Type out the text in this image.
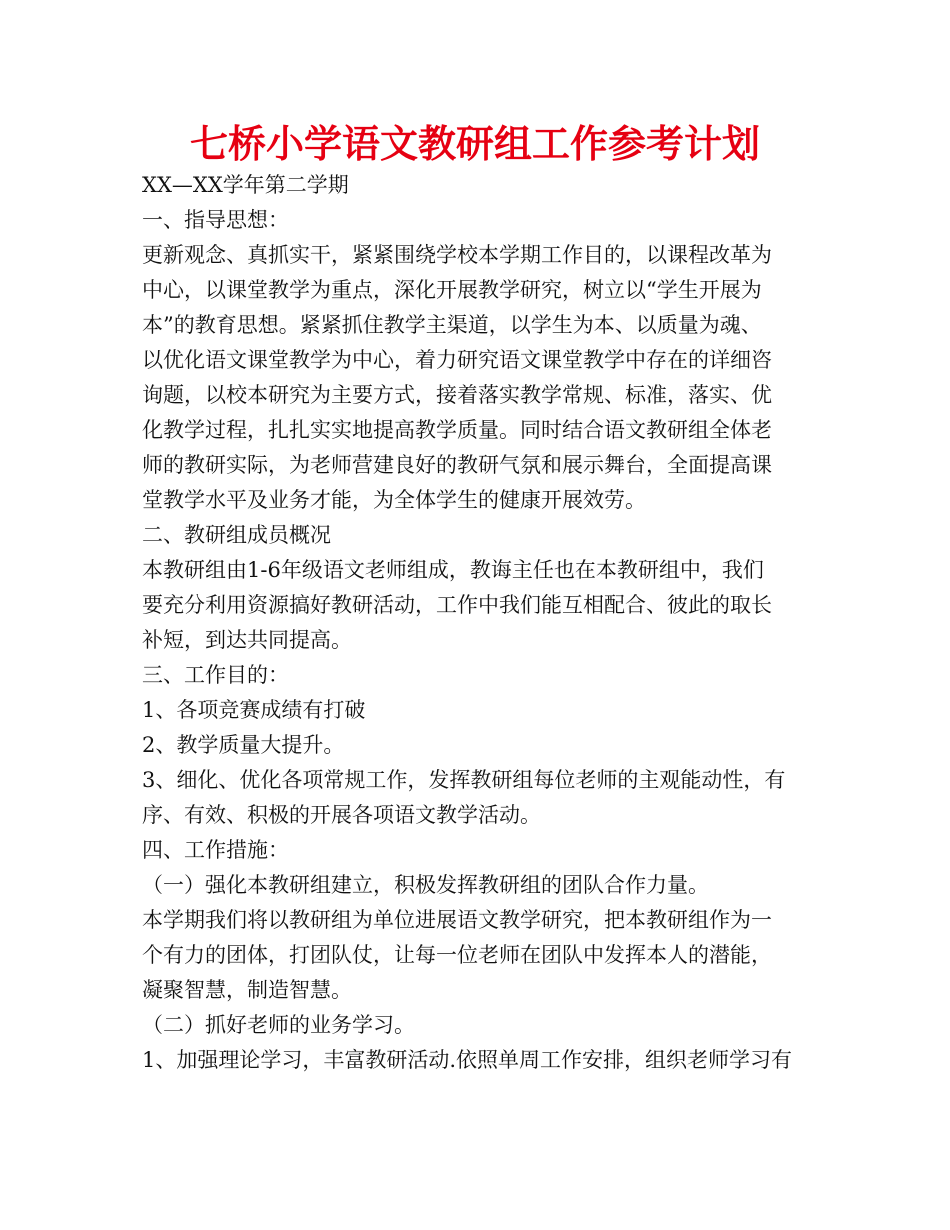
七桥小学语文教研组工作参考计划
XX—XX学年第二学期
一、指导思想：
更新观念、真抓实干，紧紧围绕学校本学期工作目的，以课程改革为
中心，以课堂教学为重点，深化开展教学研究，树立以“学生开展为
本”的教育思想。紧紧抓住教学主渠道，以学生为本、以质量为魂、
以优化语文课堂教学为中心，着力研究语文课堂教学中存在的详细咨
询题，以校本研究为主要方式，接着落实教学常规、标准，落实、优
化教学过程，扎扎实实地提高教学质量。同时结合语文教研组全体老
师的教研实际，为老师营建良好的教研气氛和展示舞台，全面提高课
堂教学水平及业务才能，为全体学生的健康开展效劳。
二、教研组成员概况
本教研组由1-6年级语文老师组成，教诲主任也在本教研组中，我们
要充分利用资源搞好教研活动，工作中我们能互相配合、彼此的取长
补短，到达共同提高。
三、工作目的：
1、各项竞赛成绩有打破
2、教学质量大提升。
3、细化、优化各项常规工作，发挥教研组每位老师的主观能动性，有
序、有效、积极的开展各项语文教学活动。
四、工作措施：
（一）强化本教研组建立，积极发挥教研组的团队合作力量。
本学期我们将以教研组为单位进展语文教学研究，把本教研组作为一
个有力的团体，打团队仗，让每一位老师在团队中发挥本人的潜能，
凝聚智慧，制造智慧。
（二）抓好老师的业务学习。
1、加强理论学习，丰富教研活动.依照单周工作安排，组织老师学习有
